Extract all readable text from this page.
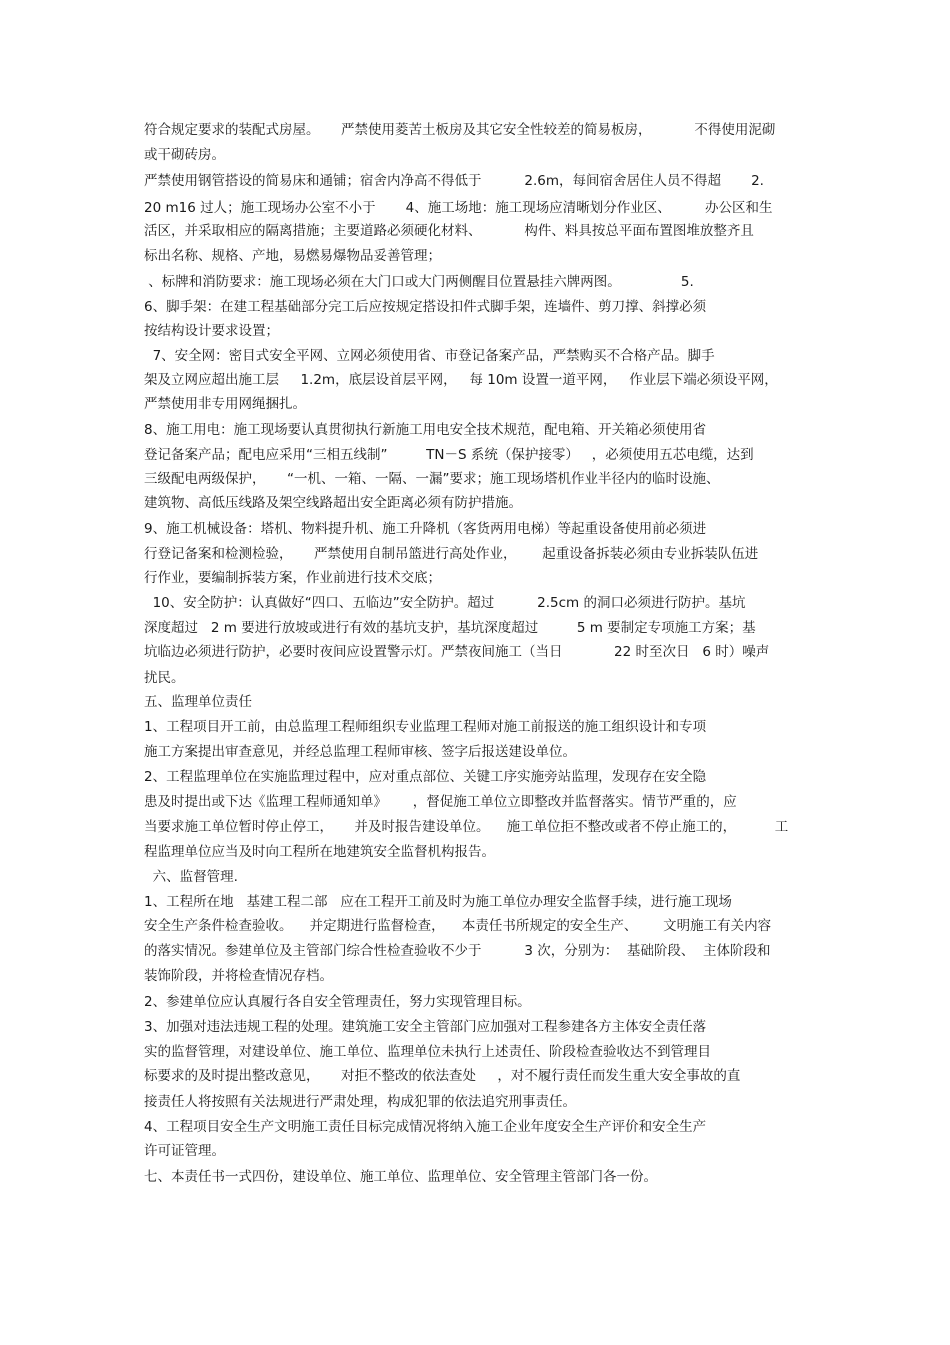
符合规定要求的装配式房屋。     严禁使用菱苦土板房及其它安全性较差的简易板房，          不得使用泥砌
或干砌砖房。
严禁使用钢管搭设的简易床和通铺；宿舍内净高不得低于          2.6m，每间宿舍居住人员不得超       2.
20 m16 过人；施工现场办公室不小于       4、施工场地：施工现场应清晰划分作业区、        办公区和生
活区，并采取相应的隔离措施；主要道路必须硬化材料、          构件、料具按总平面布置图堆放整齐且
标出名称、规格、产地，易燃易爆物品妥善管理；
、标牌和消防要求：施工现场必须在大门口或大门两侧醒目位置悬挂六牌两图。              5.
6、脚手架：在建工程基础部分完工后应按规定搭设扣件式脚手架，连墙件、剪刀撑、斜撑必须
按结构设计要求设置；
7、安全网：密目式安全平网、立网必须使用省、市登记备案产品，严禁购买不合格产品。脚手
架及立网应超出施工层     1.2m，底层设首层平网，   每 10m 设置一道平网，   作业层下端必须设平网，
严禁使用非专用网绳捆扎。
8、施工用电：施工现场要认真贯彻执行新施工用电安全技术规范，配电箱、开关箱必须使用省
登记备案产品；配电应采用“三相五线制”         TN－S 系统（保护接零）   ，必须使用五芯电缆，达到
三级配电两级保护，     “一机、一箱、一隔、一漏”要求；施工现场塔机作业半径内的临时设施、
建筑物、高低压线路及架空线路超出安全距离必须有防护措施。
9、施工机械设备：塔机、物料提升机、施工升降机（客货两用电梯）等起重设备使用前必须进
行登记备案和检测检验，     严禁使用自制吊篮进行高处作业，      起重设备拆装必须由专业拆装队伍进
行作业，要编制拆装方案，作业前进行技术交底；
10、安全防护：认真做好“四口、五临边”安全防护。超过          2.5cm 的洞口必须进行防护。基坑
深度超过   2 m 要进行放坡或进行有效的基坑支护，基坑深度超过         5 m 要制定专项施工方案；基
坑临边必须进行防护，必要时夜间应设置警示灯。严禁夜间施工（当日            22 时至次日   6 时）噪声
扰民。
五、监理单位责任
1、工程项目开工前，由总监理工程师组织专业监理工程师对施工前报送的施工组织设计和专项
施工方案提出审查意见，并经总监理工程师审核、签字后报送建设单位。
2、工程监理单位在实施监理过程中，应对重点部位、关键工序实施旁站监理，发现存在安全隐
患及时提出或下达《监理工程师通知单》      ，督促施工单位立即整改并监督落实。情节严重的，应
当要求施工单位暂时停止停工，     并及时报告建设单位。    施工单位拒不整改或者不停止施工的，         工
程监理单位应当及时向工程所在地建筑安全监督机构报告。
六、监督管理.
1、工程所在地   基建工程二部   应在工程开工前及时为施工单位办理安全监督手续，进行施工现场
安全生产条件检查验收。    并定期进行监督检查，    本责任书所规定的安全生产、      文明施工有关内容
的落实情况。参建单位及主管部门综合性检查验收不少于          3 次，分别为：  基础阶段、  主体阶段和
装饰阶段，并将检查情况存档。
2、参建单位应认真履行各自安全管理责任，努力实现管理目标。
3、加强对违法违规工程的处理。建筑施工安全主管部门应加强对工程参建各方主体安全责任落
实的监督管理，对建设单位、施工单位、监理单位未执行上述责任、阶段检查验收达不到管理目
标要求的及时提出整改意见，     对拒不整改的依法查处     ，对不履行责任而发生重大安全事故的直
接责任人将按照有关法规进行严肃处理，构成犯罪的依法追究刑事责任。
4、工程项目安全生产文明施工责任目标完成情况将纳入施工企业年度安全生产评价和安全生产
许可证管理。
七、本责任书一式四份，建设单位、施工单位、监理单位、安全管理主管部门各一份。
